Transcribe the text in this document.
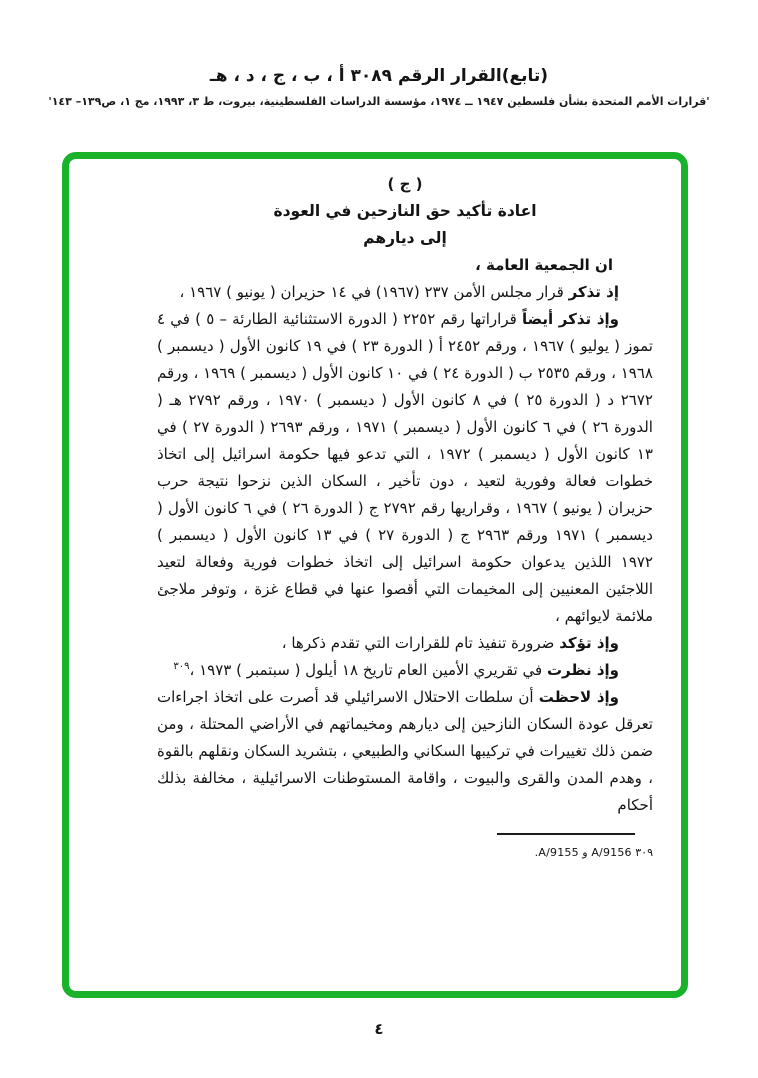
(تابع)القرار الرقم ٣٠٨٩ أ ، ب ، ج ، د ، هـ

'قرارات الأمم المتحدة بشأن فلسطين ١٩٤٧ ــ ١٩٧٤، مؤسسة الدراسات الفلسطينية، بيروت، ط ٣، ١٩٩٣، مج ١، ص١٣٩– ١٤٣'

( ج )

اعادة تأكيد حق النازحين في العودة

إلى ديارهم

ان الجمعية العامة ،

إذ تذكر قرار مجلس الأمن ٢٣٧ (١٩٦٧) في ١٤ حزيران ( يونيو ) ١٩٦٧ ،

وإذ تذكر أيضاً قراراتها رقم ٢٢٥٢ ( الدورة الاستثنائية الطارئة – ٥ ) في ٤ تموز ( يوليو ) ١٩٦٧ ، ورقم ٢٤٥٢ أ ( الدورة ٢٣ ) في ١٩ كانون الأول ( ديسمبر ) ١٩٦٨ ، ورقم ٢٥٣٥ ب ( الدورة ٢٤ ) في ١٠ كانون الأول ( ديسمبر ) ١٩٦٩ ، ورقم ٢٦٧٢ د ( الدورة ٢٥ ) في ٨ كانون الأول ( ديسمبر ) ١٩٧٠ ، ورقم ٢٧٩٢ هـ ( الدورة ٢٦ ) في ٦ كانون الأول ( ديسمبر ) ١٩٧١ ، ورقم ٢٦٩٣ ( الدورة ٢٧ ) في ١٣ كانون الأول ( ديسمبر ) ١٩٧٢ ، التي تدعو فيها حكومة اسرائيل إلى اتخاذ خطوات فعالة وفورية لتعيد ، دون تأخير ، السكان الذين نزحوا نتيجة حرب حزيران ( يونيو ) ١٩٦٧ ، وقراريها رقم ٢٧٩٢ ج ( الدورة ٢٦ ) في ٦ كانون الأول ( ديسمبر ) ١٩٧١ ورقم ٢٩٦٣ ج ( الدورة ٢٧ ) في ١٣ كانون الأول ( ديسمبر ) ١٩٧٢ اللذين يدعوان حكومة اسرائيل إلى اتخاذ خطوات فورية وفعالة لتعيد اللاجئين المعنيين إلى المخيمات التي أقصوا عنها في قطاع غزة ، وتوفر ملاجئ ملائمة لايوائهم ،

وإذ تؤكد ضرورة تنفيذ تام للقرارات التي تقدم ذكرها ،

وإذ نظرت في تقريري الأمين العام تاريخ ١٨ أيلول ( سبتمبر ) ١٩٧٣ ،$^{٣٠٩}$

وإذ لاحظت أن سلطات الاحتلال الاسرائيلي قد أصرت على اتخاذ اجراءات تعرقل عودة السكان النازحين إلى ديارهم ومخيماتهم في الأراضي المحتلة ، ومن ضمن ذلك تغييرات في تركيبها السكاني والطبيعي ، بتشريد السكان ونقلهم بالقوة ، وهدم المدن والقرى والبيوت ، واقامة المستوطنات الاسرائيلية ، مخالفة بذلك أحكام

٣٠٩ A/9156 و A/9155.

٤
